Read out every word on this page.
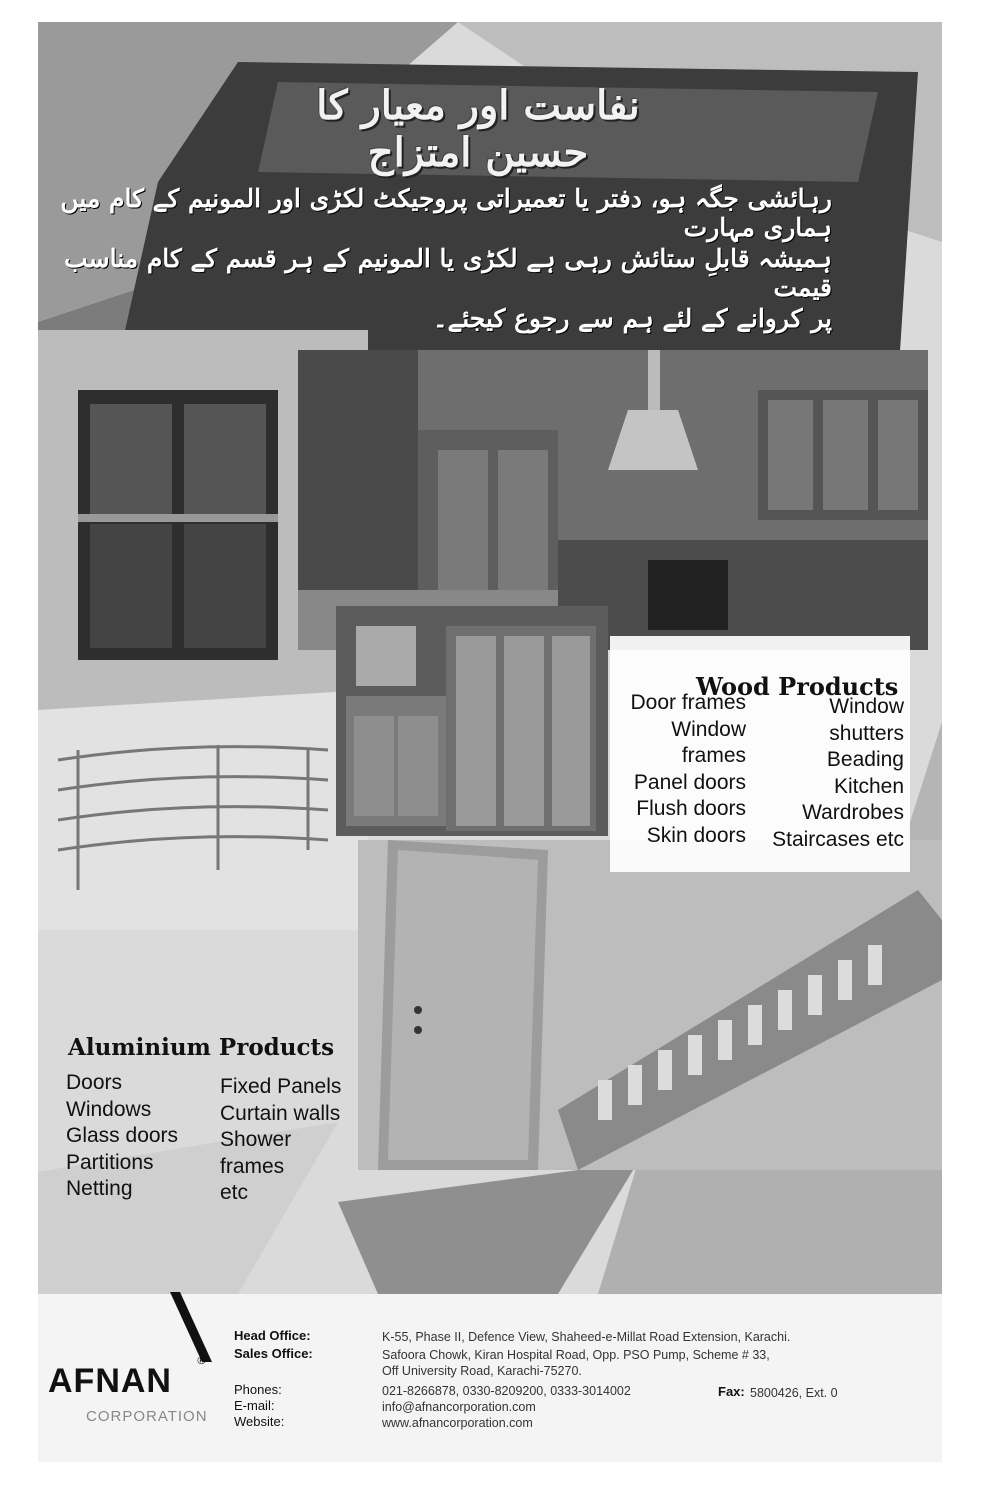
نفاست اور معیار کا حسین امتزاج
رہائشی جگہ ہو، دفتر یا تعمیراتی پروجیکٹ لکڑی اور المونیم کے کام میں ہماری مہارت
ہمیشہ قابلِ ستائش رہی ہے لکڑی یا المونیم کے ہر قسم کے کام مناسب قیمت
پر کروانے کے لئے ہم سے رجوع کیجئے۔
Wood Products
Door frames
Window
frames
Panel doors
Flush doors
Skin doors
Window
shutters
Beading
Kitchen
Wardrobes
Staircases etc
Aluminium Products
Doors
Windows
Glass doors
Partitions
Netting
Fixed Panels
Curtain walls
Shower
frames
etc
AFNAN
®
CORPORATION
Head Office:	K-55, Phase II, Defence View, Shaheed-e-Millat Road Extension, Karachi.
Sales Office:	Safoora Chowk, Kiran Hospital Road, Opp. PSO Pump, Scheme # 33,
Off University Road, Karachi-75270.
Phones:	021-8266878, 0330-8209200, 0333-3014002	Fax: 5800426, Ext. 0
E-mail:	info@afnancorporation.com
Website:	www.afnancorporation.com
